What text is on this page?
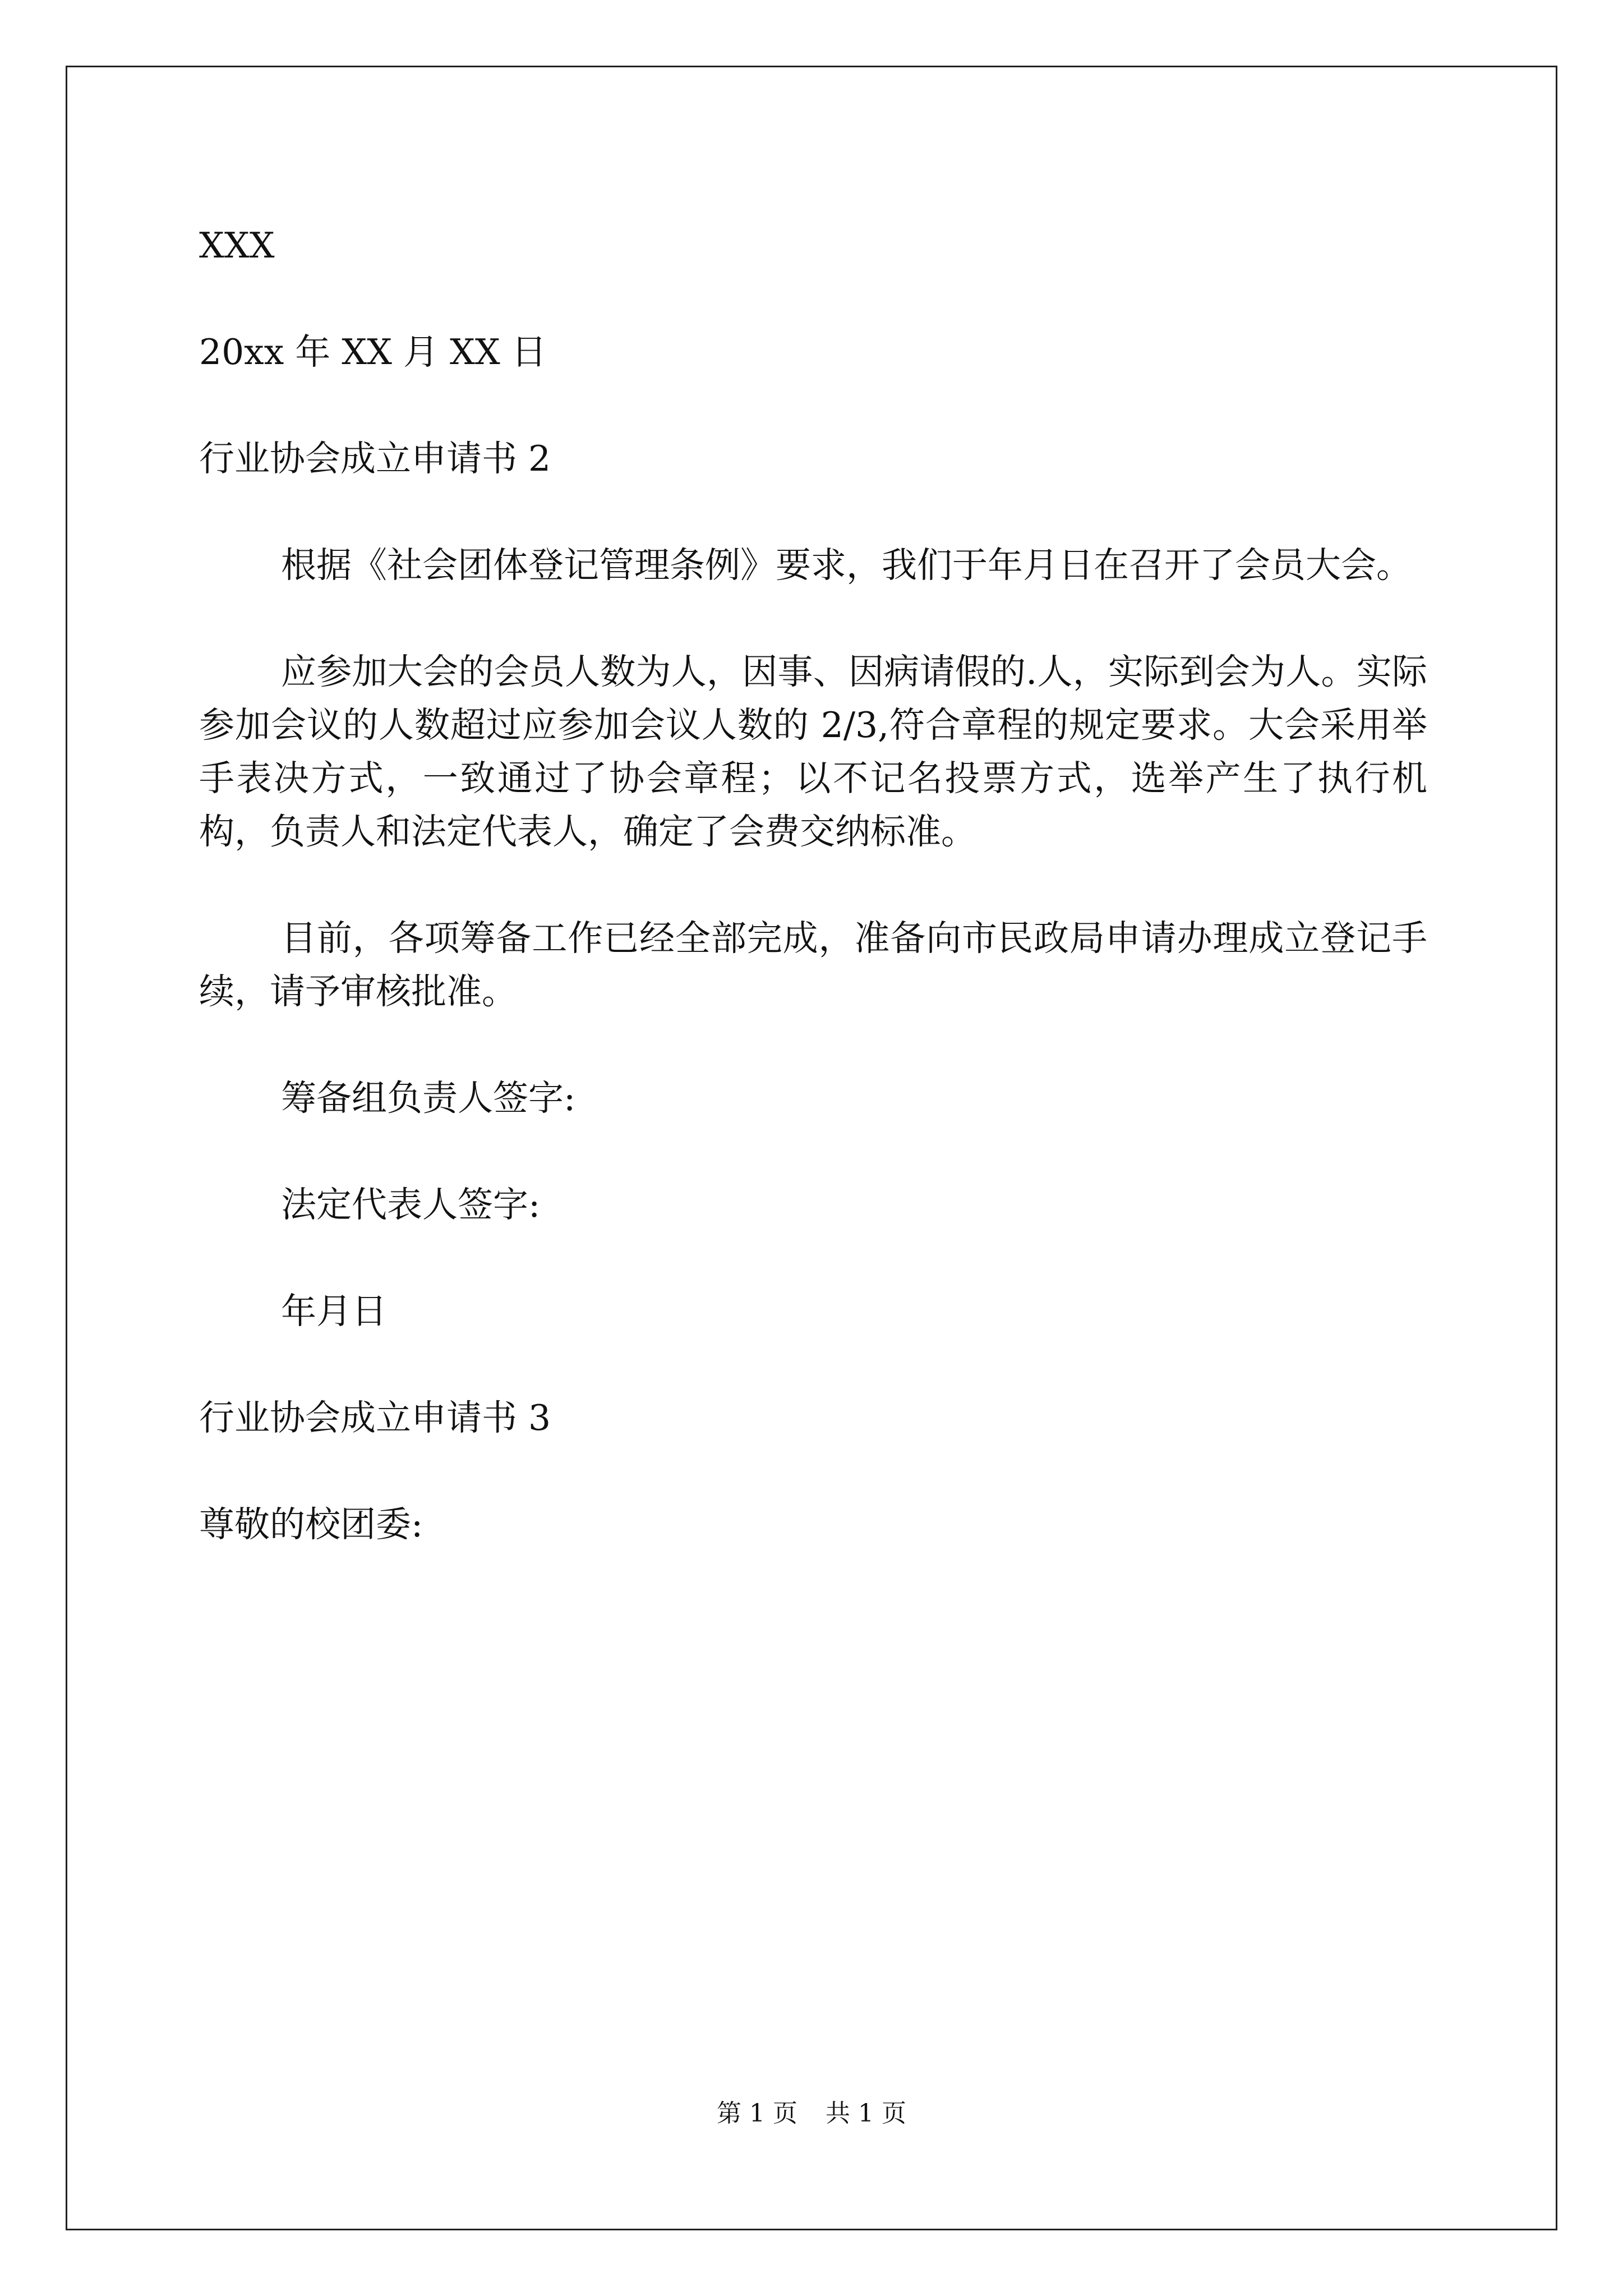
XXX

20xx 年 XX 月 XX 日

行业协会成立申请书 2

根据《社会团体登记管理条例》要求，我们于年月日在召开了会员大会。

应参加大会的会员人数为人，因事、因病请假的.人，实际到会为人。实际参加会议的人数超过应参加会议人数的 2/3,符合章程的规定要求。大会采用举手表决方式，一致通过了协会章程；以不记名投票方式，选举产生了执行机构，负责人和法定代表人，确定了会费交纳标准。

目前，各项筹备工作已经全部完成，准备向市民政局申请办理成立登记手续，请予审核批准。

筹备组负责人签字:

法定代表人签字:

年月日

行业协会成立申请书 3

尊敬的校团委:

第 1 页 共 1 页
